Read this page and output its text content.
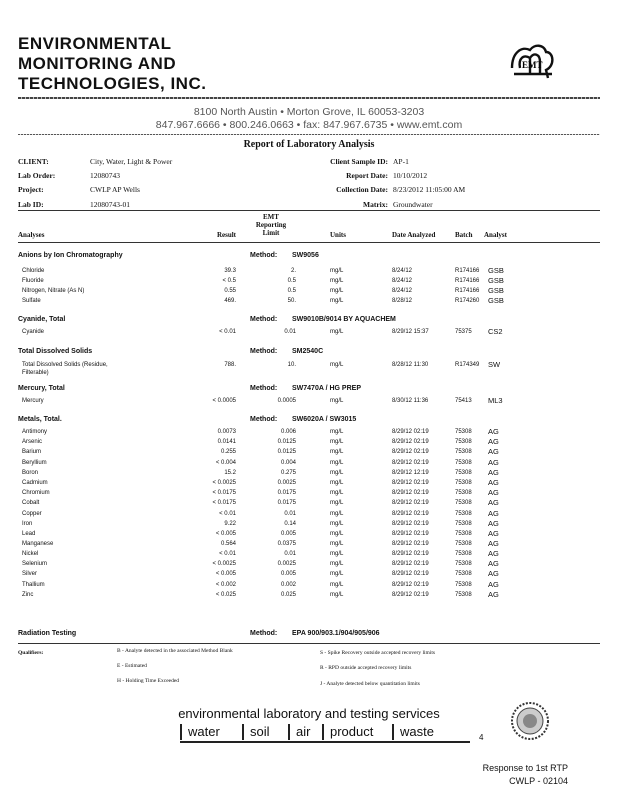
ENVIRONMENTAL
MONITORING AND
TECHNOLOGIES, INC.
EMT
8100 North Austin • Morton Grove, IL 60053-3203
847.967.6666 • 800.246.0663 • fax: 847.967.6735 • www.emt.com
Report of Laboratory Analysis
CLIENT:	City, Water, Light & Power
Lab Order:	12080743
Project:	CWLP AP Wells
Lab ID:	12080743-01
Client Sample ID: AP-1
Report Date: 10/10/2012
Collection Date: 8/23/2012 11:05:00 AM
Matrix: Groundwater
Analyses	Result
EMT
Reporting
Limit	Units	Date Analyzed	Batch Analyst
Anions by Ion Chromatography	Method: SW9056
Cyanide, Total	Method: SW9010B/9014 BY AQUACHEM
Total Dissolved Solids	Method: SM2540C
Mercury, Total	Method: SW7470A / HG PREP
Metals, Total.	Method: SW6020A / SW3015
Radiation Testing	Method: EPA 900/903.1/904/905/906
Chloride	39.3	2.	mg/L	8/24/12	R174166 GSB
Fluoride	< 0.5	0.5	mg/L	8/24/12	R174166 GSB
Nitrogen, Nitrate (As N)	0.55	0.5	mg/L	8/24/12	R174166 GSB
Sulfate	469.	50.	mg/L	8/28/12	R174260 GSB
Cyanide	< 0.01	0.01	mg/L	8/29/12 15:37	75375 CS2
Total Dissolved Solids (Residue,	788.	10.	mg/L	8/28/12 11:30	R174349 SW
Filterable)
Mercury	< 0.0005	0.0005	mg/L	8/30/12 11:36	75413 ML3
Antimony	0.0073	0.006	mg/L	8/29/12 02:19	75308 AG
Arsenic	0.0141	0.0125	mg/L	8/29/12 02:19	75308 AG
Barium	0.255	0.0125	mg/L	8/29/12 02:19	75308 AG
Beryllium	< 0.004	0.004	mg/L	8/29/12 02:19	75308 AG
Boron	15.2	0.275	mg/L	8/29/12 12:19	75308 AG
Cadmium	< 0.0025	0.0025	mg/L	8/29/12 02:19	75308 AG
Chromium	< 0.0175	0.0175	mg/L	8/29/12 02:19	75308 AG
Cobalt	< 0.0175	0.0175	mg/L	8/29/12 02:19	75308 AG
Copper	< 0.01	0.01	mg/L	8/29/12 02:19	75308 AG
Iron	9.22	0.14	mg/L	8/29/12 02:19	75308 AG
Lead	< 0.005	0.005	mg/L	8/29/12 02:19	75308 AG
Manganese	0.564	0.0375	mg/L	8/29/12 02:19	75308 AG
Nickel	< 0.01	0.01	mg/L	8/29/12 02:19	75308 AG
Selenium	< 0.0025	0.0025	mg/L	8/29/12 02:19	75308 AG
Silver	< 0.005	0.005	mg/L	8/29/12 02:19	75308 AG
Thallium	< 0.002	0.002	mg/L	8/29/12 02:19	75308 AG
Zinc	< 0.025	0.025	mg/L	8/29/12 02:19	75308 AG
Qualifiers:	B - Analyte detected in the associated Method Blank
E - Estimated
H - Holding Time Exceeded
S - Spike Recovery outside accepted recovery limits
R - RPD outside accepted recovery limits
J - Analyte detected below quantitation limits
environmental laboratory and testing services
water	soil	air	product	waste	4
Response to 1st RTP
CWLP - 02104
